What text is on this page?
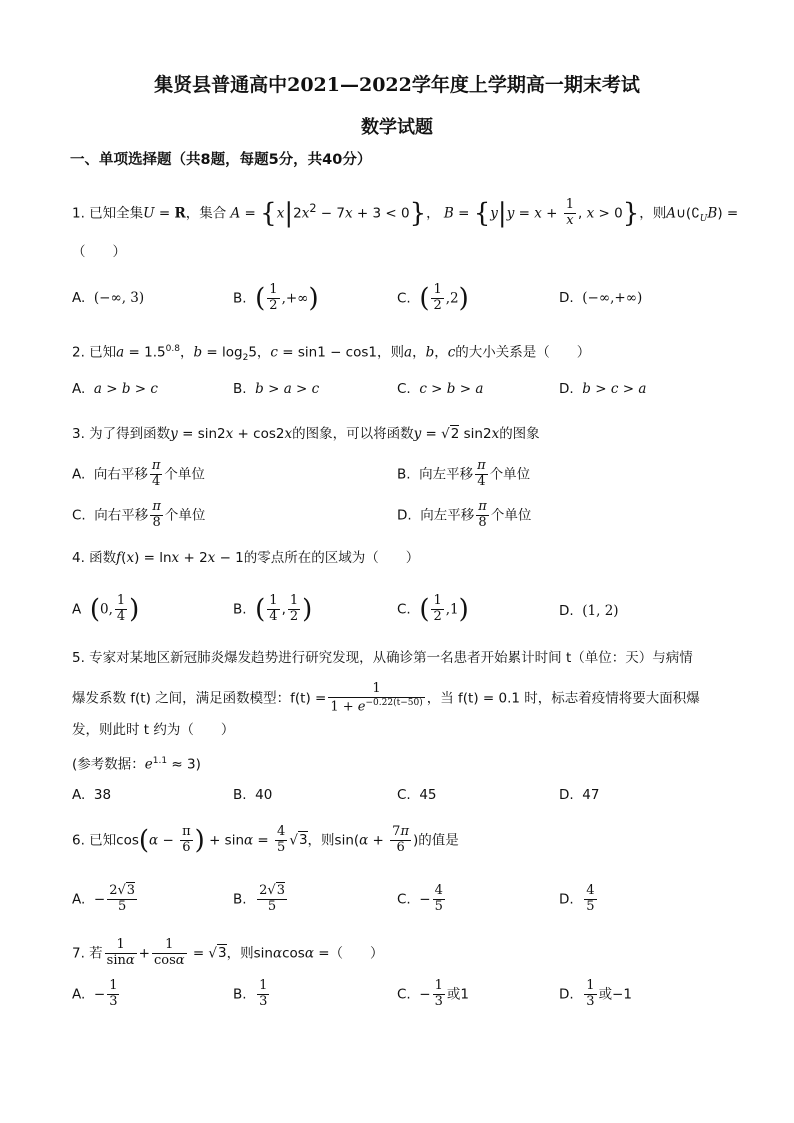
集贤县普通高中2021—2022学年度上学期高一期末考试
数学试题
一、单项选择题（共8题，每题5分，共40分）
1. 已知全集U = R，集合 $A = \{x|2x^2 - 7x + 3 < 0\}$， $B = \{y|y = x + \frac{1}{x}$ , x > 0}，则$A\cup(∁_UB)$ =
（　　）
A.  (−∞, 3)	B.  ( $\frac{1}{2}$ ,+∞)	C.  ( $\frac{1}{2} ,2$)	D.  (−∞,+∞)
2. 已知$a = 1.5^{0.8}$，$b = \log_25$，c = sin1 − cos1，则a，b，c的大小关系是（　　）
A.  a > b > c	B.  b > a > c	C.  c > b > a	D.  b > c > a
3. 为了得到函数y = sin2x + cos2x的图象，可以将函数y = √2 sin2x的图象
A.  向右平移 $\frac{\pi}{4}$ 个单位	B.  向左平移 $\frac{\pi}{4}$ 个单位
C.  向右平移 $\frac{\pi}{8}$ 个单位	D.  向左平移 $\frac{\pi}{8}$ 个单位
4. 函数f(x) = lnx + 2x − 1的零点所在的区域为（　　）
A  (0, $\frac{1}{4}$ )	B.  ( $\frac{1}{4}$ , $\frac{1}{2}$ )	C.  ( $\frac{1}{2} ,1$)	D.  (1, 2)
5. 专家对某地区新冠肺炎爆发趋势进行研究发现，从确诊第一名患者开始累计时间 t（单位：天）与病情
爆发系数 f(t) 之间，满足函数模型：$f(t) = \frac{1}{1 + e^{-0.22(t-50)}}$ ，当 f(t) = 0.1 时，标志着疫情将要大面积爆
发，则此时 t 约为（　　）
(参考数据：$e^{1.1} \approx 3$)
A.  38	B.  40	C.  45	D.  47
6. 已知$\cos(\alpha - \frac{\pi}{6}$ ) + $\sin\alpha = \frac{4}{5} √3$，则$\sin(\alpha + \frac{7\pi}{6}$ )的值是
A.  − $\frac{2√3}{5}$	B. $\frac{2√3}{5}$	C.  − $\frac{4}{5}$	D. $\frac{4}{5}$
7. 若 $\frac{1}{\sin\alpha} + \frac{1}{\cos\alpha} = √3$，则sinαcosα =（　　）
A.  − $\frac{1}{3}$	B. $\frac{1}{3}$	C.  − $\frac{1}{3}$ 或1	D. $\frac{1}{3}$ 或−1
